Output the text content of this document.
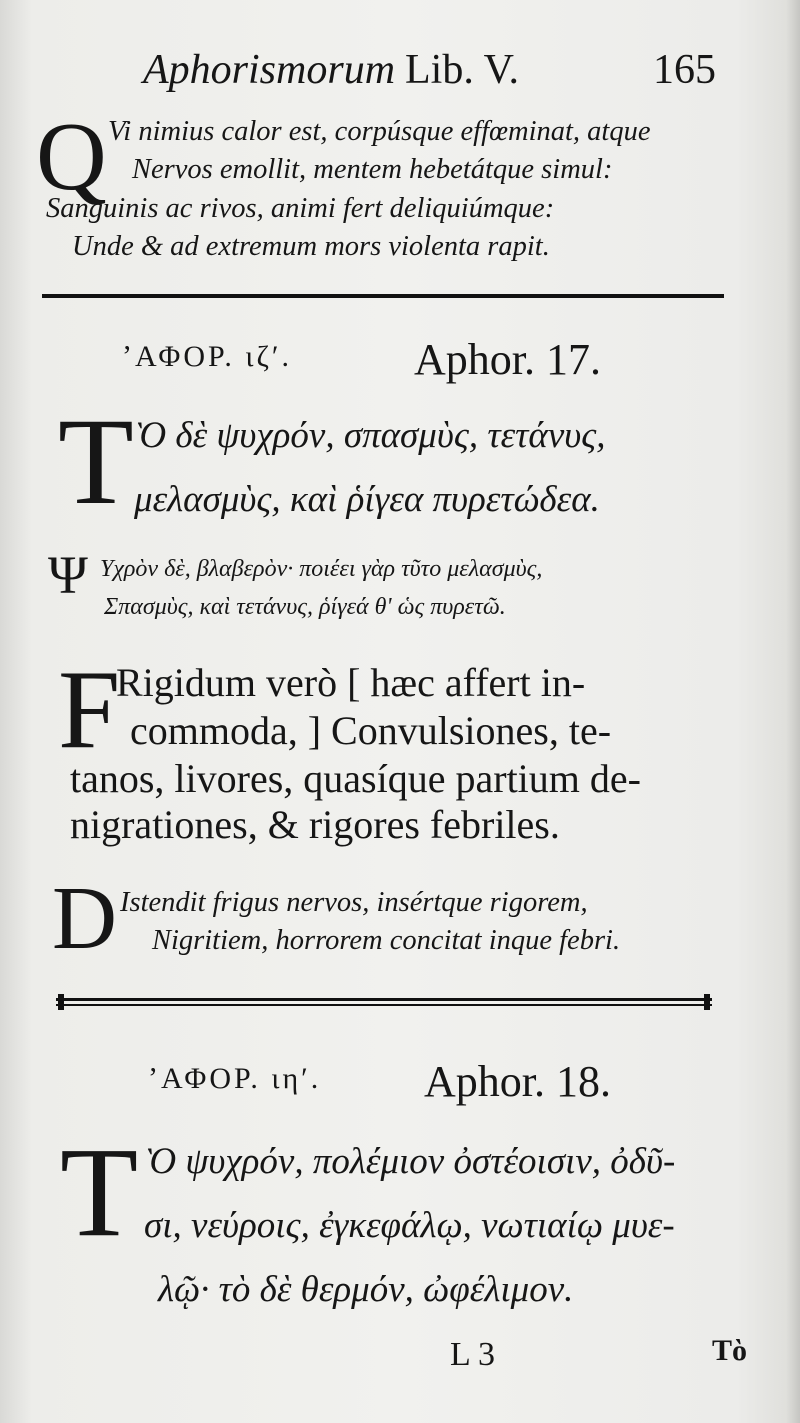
Aphorismorum Lib. V.	165
Q Vi nimius calor est, corpúsque effœminat, atque
Nervos emollit, mentem hebetátque simul:
Sanguinis ac rivos, animi fert deliquiúmque:
Unde & ad extremum mors violenta rapit.
ʼΑΦΟΡ. ιζʹ.	Aphor. 17.
T Ὸ δὲ ψυχρόν, σπασμὺς, τετάνυς,
μελασμὺς, καὶ ῥίγεα πυρετώδεα.
Ψ Υχρὸν δὲ, βλαβερὸν· ποιέει γὰρ τῦτο μελασμὺς,
Σπασμὺς, καὶ τετάνυς, ῥίγεά θ' ὡς πυρετῶ.
F
Rigidum verò [ hæc affert in-
commoda, ] Convulsiones, te-
tanos, livores, quasíque partium de-
nigrationes, & rigores febriles.
D Istendit frigus nervos, insértque rigorem,
Nigritiem, horrorem concitat inque febri.
ʼΑΦΟΡ. ιηʹ. Aphor. 18.
T Ὸ ψυχρόν, πολέμιον ὀστέοισιν, ὀδῦ-
σι, νεύροις, ἐγκεφάλῳ, νωτιαίῳ μυε-
λῷ· τὸ δὲ θερμόν, ὠφέλιμον.
L 3	Tὸ
